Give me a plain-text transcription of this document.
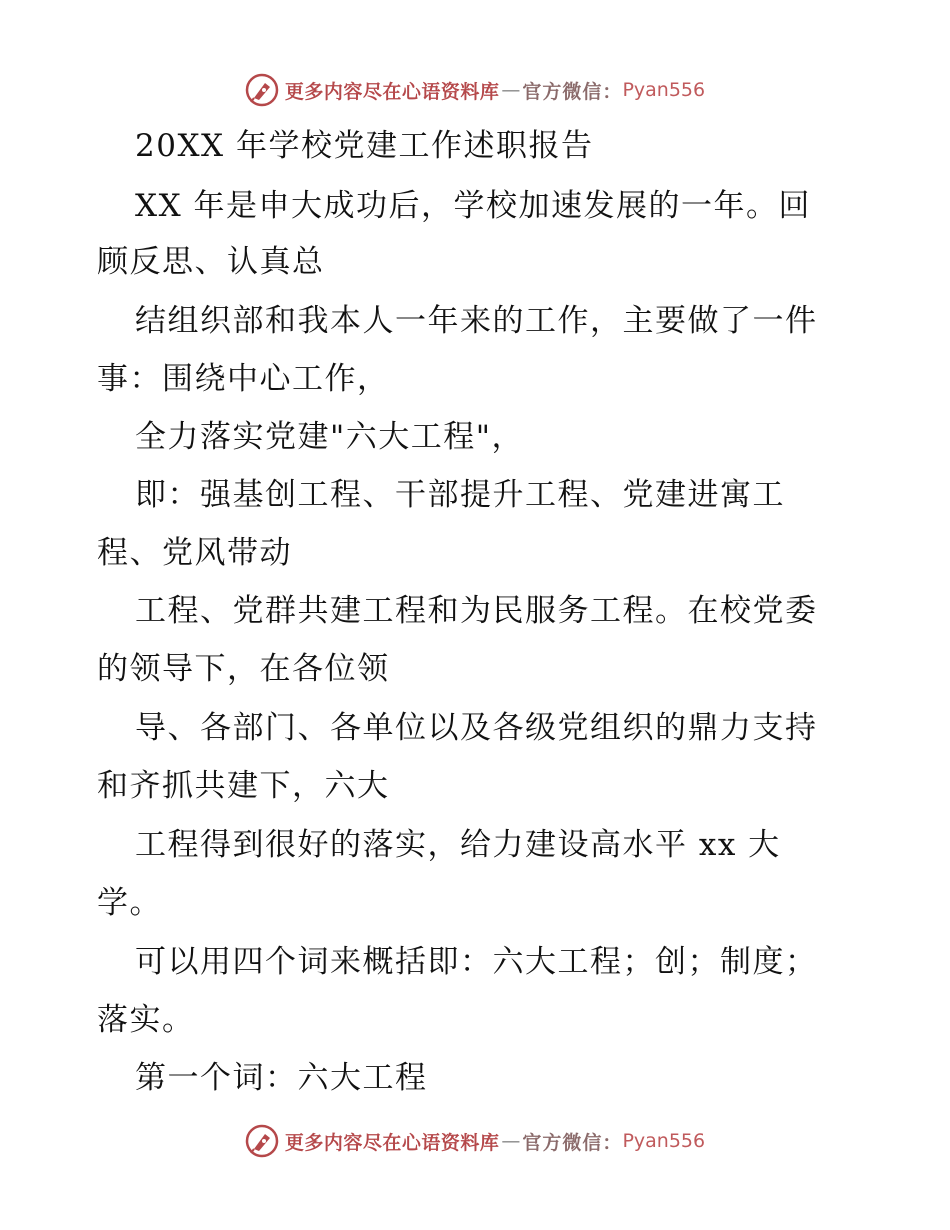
更多内容尽在心语资料库 — 官方微信： Pyan556
20XX 年学校党建工作述职报告
XX 年是申大成功后，学校加速发展的一年。回
顾反思、认真总
结组织部和我本人一年来的工作，主要做了一件
事：围绕中心工作，
全力落实党建"六大工程"，
即：强基创工程、干部提升工程、党建进寓工
程、党风带动
工程、党群共建工程和为民服务工程。在校党委
的领导下，在各位领
导、各部门、各单位以及各级党组织的鼎力支持
和齐抓共建下，六大
工程得到很好的落实，给力建设高水平 xx 大
学。
可以用四个词来概括即：六大工程；创；制度；
落实。
第一个词：六大工程
更多内容尽在心语资料库 — 官方微信： Pyan556
